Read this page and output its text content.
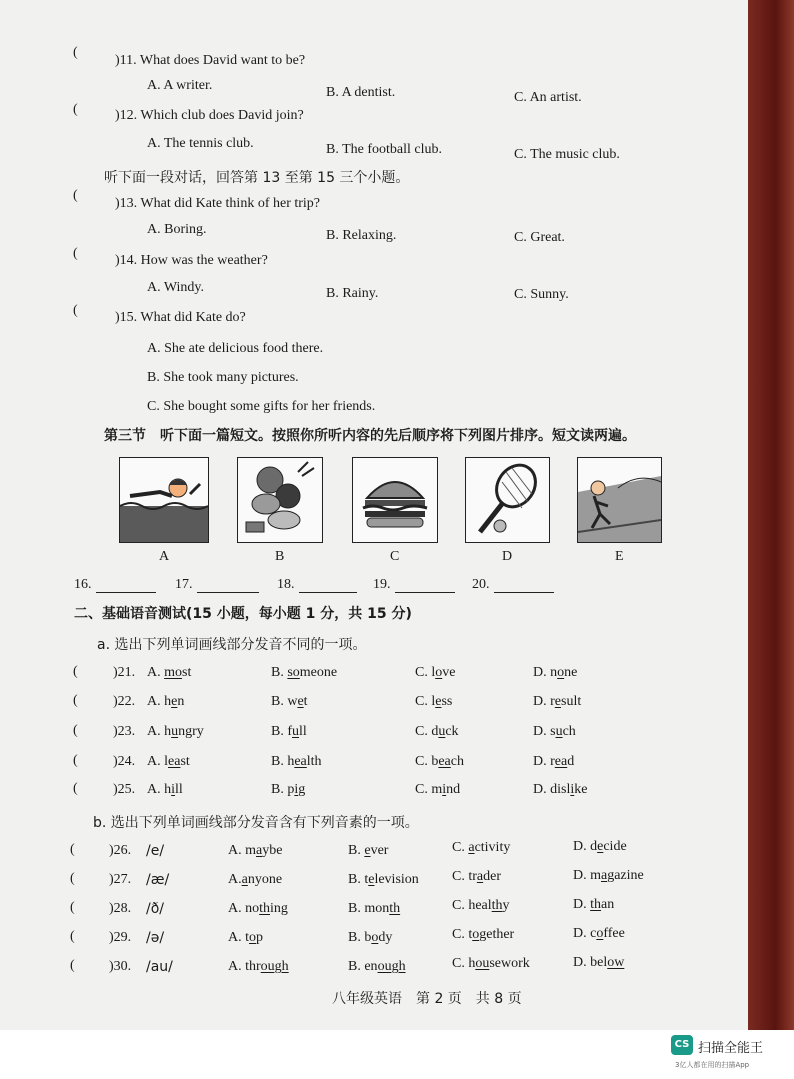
(
)11. What does David want to be?
A. A writer.	B. A dentist.	C. An artist.
(	)12. Which club does David join?
A. The tennis club.	B. The football club.	C. The music club.
听下面一段对话，回答第 13 至第 15 三个小题。
(
)13. What did Kate think of her trip?
A. Boring.	B. Relaxing.	C. Great.
(	)14. How was the weather?
A. Windy.	B. Rainy.	C. Sunny.
(	)15. What did Kate do?
A. She ate delicious food there.
B. She took many pictures.
C. She bought some gifts for her friends.
第三节　听下面一篇短文。按照你所听内容的先后顺序将下列图片排序。短文读两遍。
A	B	C	D	E
16.	17.	18.	19.	20.
二、基础语音测试(15 小题，每小题 1 分，共 15 分)
a. 选出下列单词画线部分发音不同的一项。
(	)21. A. most	B. someone	C. love	D. none
(	)22. A. hen	B. wet	C. less	D. result
(	)23. A. hungry	B. full	C. duck	D. such
(	)24. A. least	B. health	C. beach	D. read
(	)25. A. hill	B. pig	C. mind	D. dislike
b. 选出下列单词画线部分发音含有下列音素的一项。
( )26. /e/	A. maybe	B. ever	C. activity	D. decide
( )27. /æ/	A.anyone	B. television C. trader	D. magazine
( )28. /ð/	A. nothing	B. month	C. healthy	D. than
( )29. /ə/	A. top	B. body	C. together	D. coffee
( )30. /au/	A. through	B. enough	C. housework	D. below
八年级英语　第 2 页　共 8 页
CS 扫描全能王
3亿人都在用的扫描App
